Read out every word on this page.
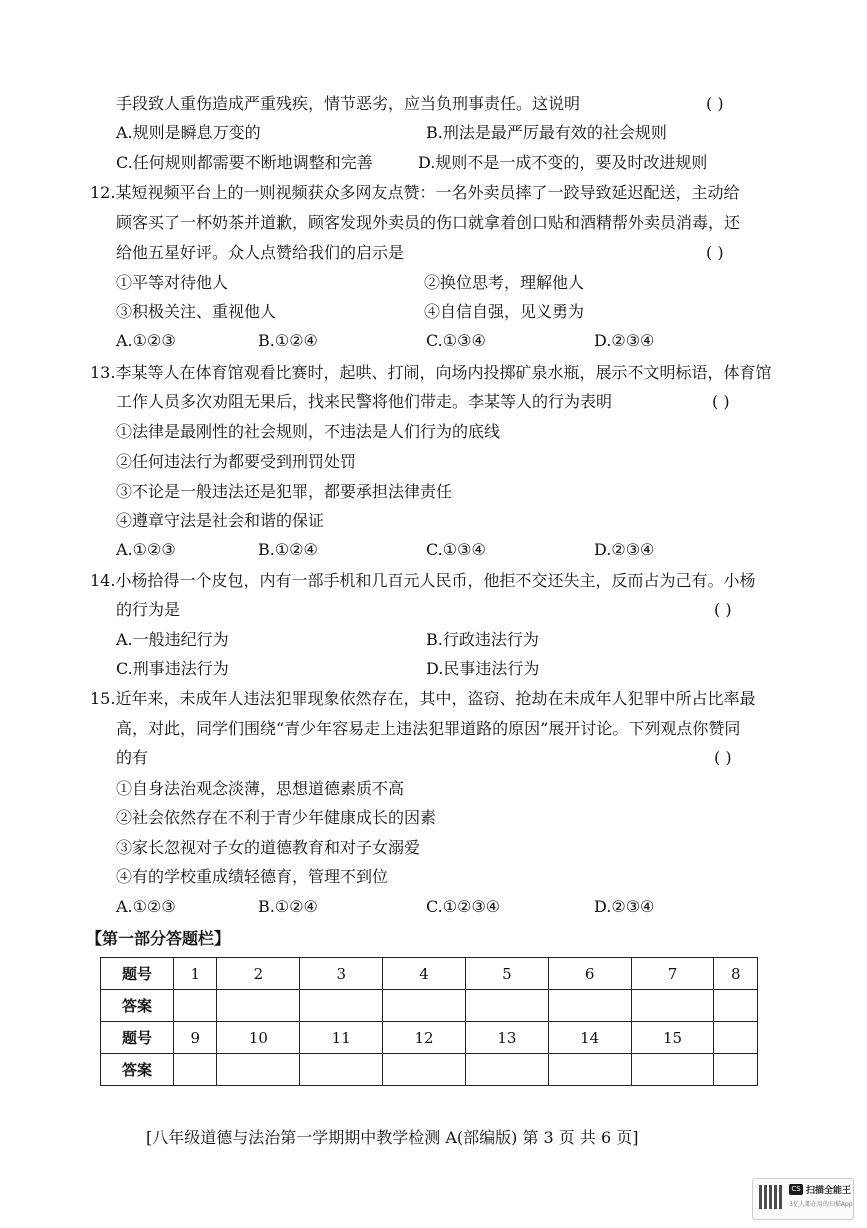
手段致人重伤造成严重残疾，情节恶劣，应当负刑事责任。这说明	( )
A.规则是瞬息万变的	B.刑法是最严厉最有效的社会规则
C.任何规则都需要不断地调整和完善	D.规则不是一成不变的，要及时改进规则
12.某短视频平台上的一则视频获众多网友点赞：一名外卖员摔了一跤导致延迟配送，主动给
顾客买了一杯奶茶并道歉，顾客发现外卖员的伤口就拿着创口贴和酒精帮外卖员消毒，还
给他五星好评。众人点赞给我们的启示是	( )
①平等对待他人	②换位思考，理解他人
③积极关注、重视他人	④自信自强，见义勇为
A.①②③	B.①②④	C.①③④	D.②③④
13.李某等人在体育馆观看比赛时，起哄、打闹，向场内投掷矿泉水瓶，展示不文明标语，体育馆
工作人员多次劝阻无果后，找来民警将他们带走。李某等人的行为表明	( )
①法律是最刚性的社会规则，不违法是人们行为的底线
②任何违法行为都要受到刑罚处罚
③不论是一般违法还是犯罪，都要承担法律责任
④遵章守法是社会和谐的保证
A.①②③	B.①②④	C.①③④	D.②③④
14.小杨拾得一个皮包，内有一部手机和几百元人民币，他拒不交还失主，反而占为己有。小杨
的行为是	( )
A.一般违纪行为	B.行政违法行为
C.刑事违法行为	D.民事违法行为
15.近年来，未成年人违法犯罪现象依然存在，其中，盗窃、抢劫在未成年人犯罪中所占比率最
高，对此，同学们围绕“青少年容易走上违法犯罪道路的原因”展开讨论。下列观点你赞同
的有	( )
①自身法治观念淡薄，思想道德素质不高
②社会依然存在不利于青少年健康成长的因素
③家长忽视对子女的道德教育和对子女溺爱
④有的学校重成绩轻德育，管理不到位
A.①②③	B.①②④	C.①②③④	D.②③④
【第一部分答题栏】
题号	1	2	3	4	5	6	7	8
答案								
题号	9	10	11	12	13	14	15	
答案								
[八年级道德与法治第一学期期中教学检测 A(部编版) 第 3 页 共 6 页]
CS 扫描全能王
3亿人都在用的扫描App
